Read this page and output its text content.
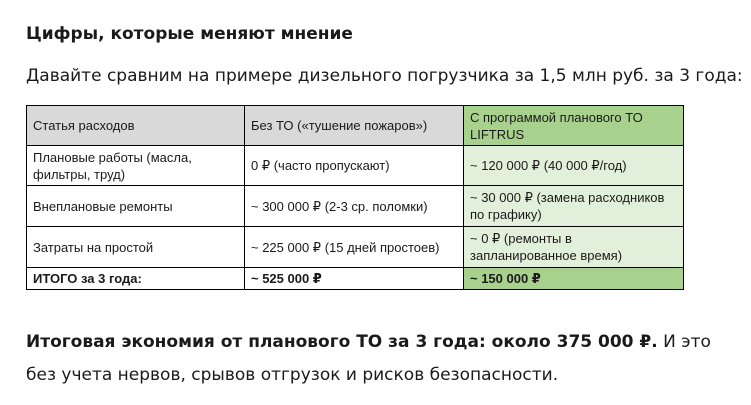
Цифры, которые меняют мнение

Давайте сравним на примере дизельного погрузчика за 1,5 млн руб. за 3 года:

Статья расходов	Без ТО («тушение пожаров»)	С программой планового ТО LIFTRUS
Плановые работы (масла, фильтры, труд)	0 ₽ (часто пропускают)	~ 120 000 ₽ (40 000 ₽/год)
Внеплановые ремонты	~ 300 000 ₽ (2-3 ср. поломки)	~ 30 000 ₽ (замена расходников по графику)
Затраты на простой	~ 225 000 ₽ (15 дней простоев)	~ 0 ₽ (ремонты в запланированное время)
ИТОГО за 3 года:	~ 525 000 ₽	~ 150 000 ₽

Итоговая экономия от планового ТО за 3 года: около 375 000 ₽. И это без учета нервов, срывов отгрузок и рисков безопасности.
